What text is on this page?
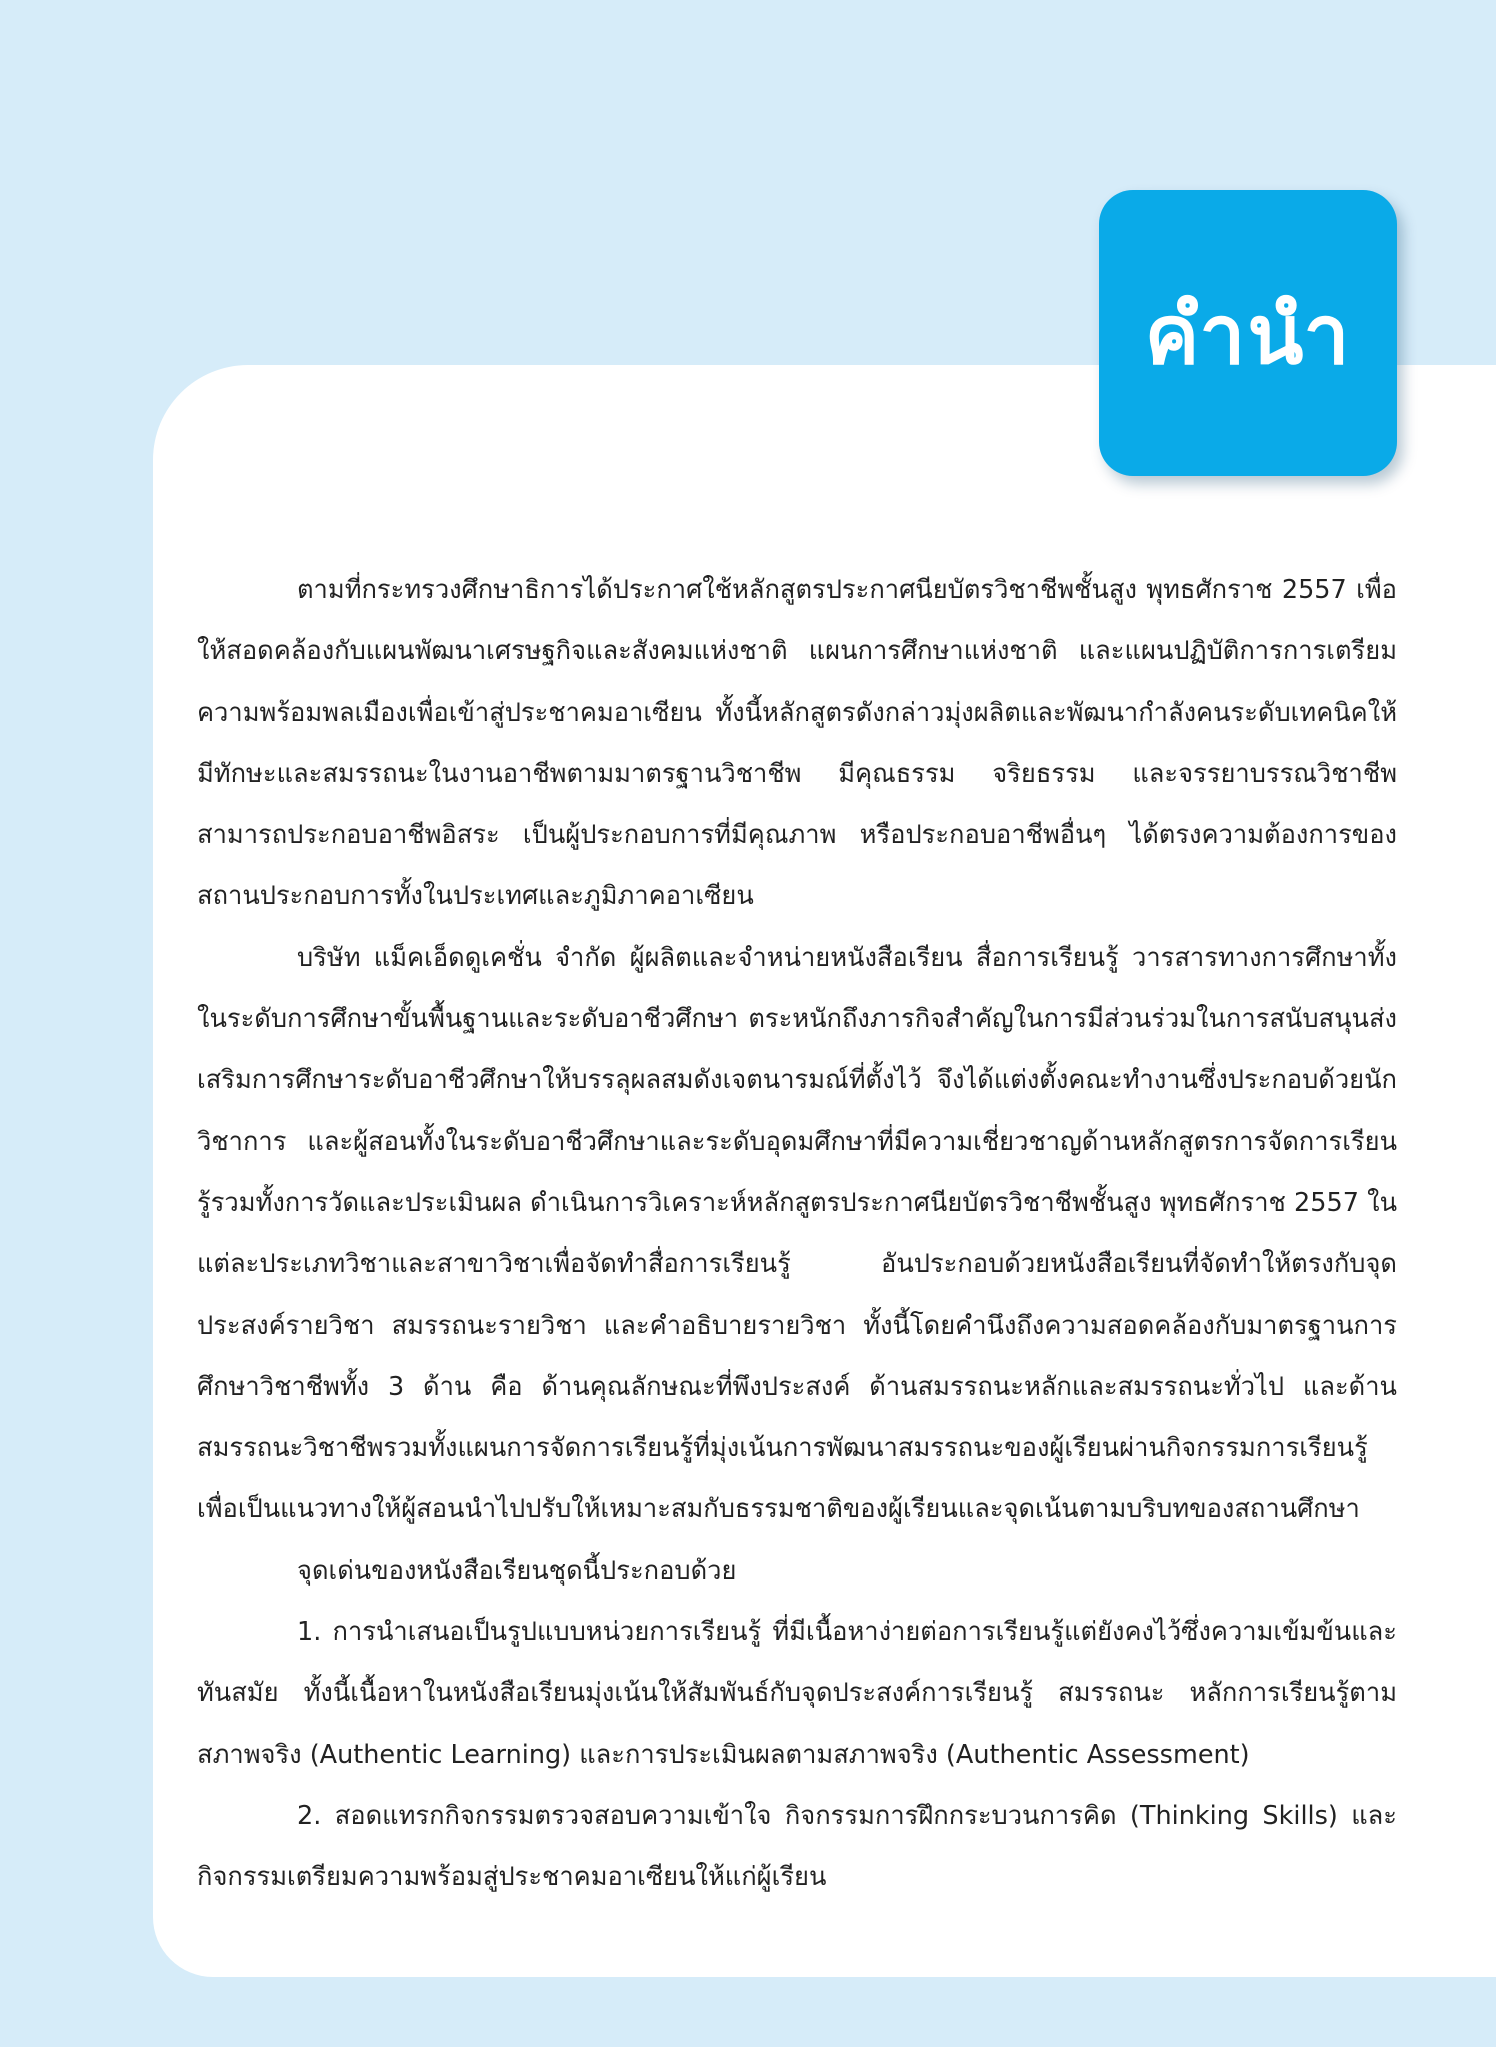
คำนำ

ตามที่กระทรวงศึกษาธิการได้ประกาศใช้หลักสูตรประกาศนียบัตรวิชาชีพชั้นสูง พุทธศักราช 2557 เพื่อให้สอดคล้องกับแผนพัฒนาเศรษฐกิจและสังคมแห่งชาติ แผนการศึกษาแห่งชาติ และแผนปฏิบัติการการเตรียมความพร้อมพลเมืองเพื่อเข้าสู่ประชาคมอาเซียน ทั้งนี้หลักสูตรดังกล่าวมุ่งผลิตและพัฒนากำลังคนระดับเทคนิคให้มีทักษะและสมรรถนะในงานอาชีพตามมาตรฐานวิชาชีพ มีคุณธรรม จริยธรรม และจรรยาบรรณวิชาชีพ สามารถประกอบอาชีพอิสระ เป็นผู้ประกอบการที่มีคุณภาพ หรือประกอบอาชีพอื่นๆ ได้ตรงความต้องการของสถานประกอบการทั้งในประเทศและภูมิภาคอาเซียน

บริษัท แม็คเอ็ดดูเคชั่น จำกัด ผู้ผลิตและจำหน่ายหนังสือเรียน สื่อการเรียนรู้ วารสารทางการศึกษาทั้งในระดับการศึกษาขั้นพื้นฐานและระดับอาชีวศึกษา ตระหนักถึงภารกิจสำคัญในการมีส่วนร่วมในการสนับสนุนส่งเสริมการศึกษาระดับอาชีวศึกษาให้บรรลุผลสมดังเจตนารมณ์ที่ตั้งไว้ จึงได้แต่งตั้งคณะทำงานซึ่งประกอบด้วยนักวิชาการ และผู้สอนทั้งในระดับอาชีวศึกษาและระดับอุดมศึกษาที่มีความเชี่ยวชาญด้านหลักสูตรการจัดการเรียนรู้รวมทั้งการวัดและประเมินผล ดำเนินการวิเคราะห์หลักสูตรประกาศนียบัตรวิชาชีพชั้นสูง พุทธศักราช 2557 ในแต่ละประเภทวิชาและสาขาวิชาเพื่อจัดทำสื่อการเรียนรู้ อันประกอบด้วยหนังสือเรียนที่จัดทำให้ตรงกับจุดประสงค์รายวิชา สมรรถนะรายวิชา และคำอธิบายรายวิชา ทั้งนี้โดยคำนึงถึงความสอดคล้องกับมาตรฐานการศึกษาวิชาชีพทั้ง 3 ด้าน คือ ด้านคุณลักษณะที่พึงประสงค์ ด้านสมรรถนะหลักและสมรรถนะทั่วไป และด้านสมรรถนะวิชาชีพรวมทั้งแผนการจัดการเรียนรู้ที่มุ่งเน้นการพัฒนาสมรรถนะของผู้เรียนผ่านกิจกรรมการเรียนรู้เพื่อเป็นแนวทางให้ผู้สอนนำไปปรับให้เหมาะสมกับธรรมชาติของผู้เรียนและจุดเน้นตามบริบทของสถานศึกษา

จุดเด่นของหนังสือเรียนชุดนี้ประกอบด้วย

1. การนำเสนอเป็นรูปแบบหน่วยการเรียนรู้ ที่มีเนื้อหาง่ายต่อการเรียนรู้แต่ยังคงไว้ซึ่งความเข้มข้นและทันสมัย ทั้งนี้เนื้อหาในหนังสือเรียนมุ่งเน้นให้สัมพันธ์กับจุดประสงค์การเรียนรู้ สมรรถนะ หลักการเรียนรู้ตามสภาพจริง (Authentic Learning) และการประเมินผลตามสภาพจริง (Authentic Assessment)

2. สอดแทรกกิจกรรมตรวจสอบความเข้าใจ กิจกรรมการฝึกกระบวนการคิด (Thinking Skills) และกิจกรรมเตรียมความพร้อมสู่ประชาคมอาเซียนให้แก่ผู้เรียน
